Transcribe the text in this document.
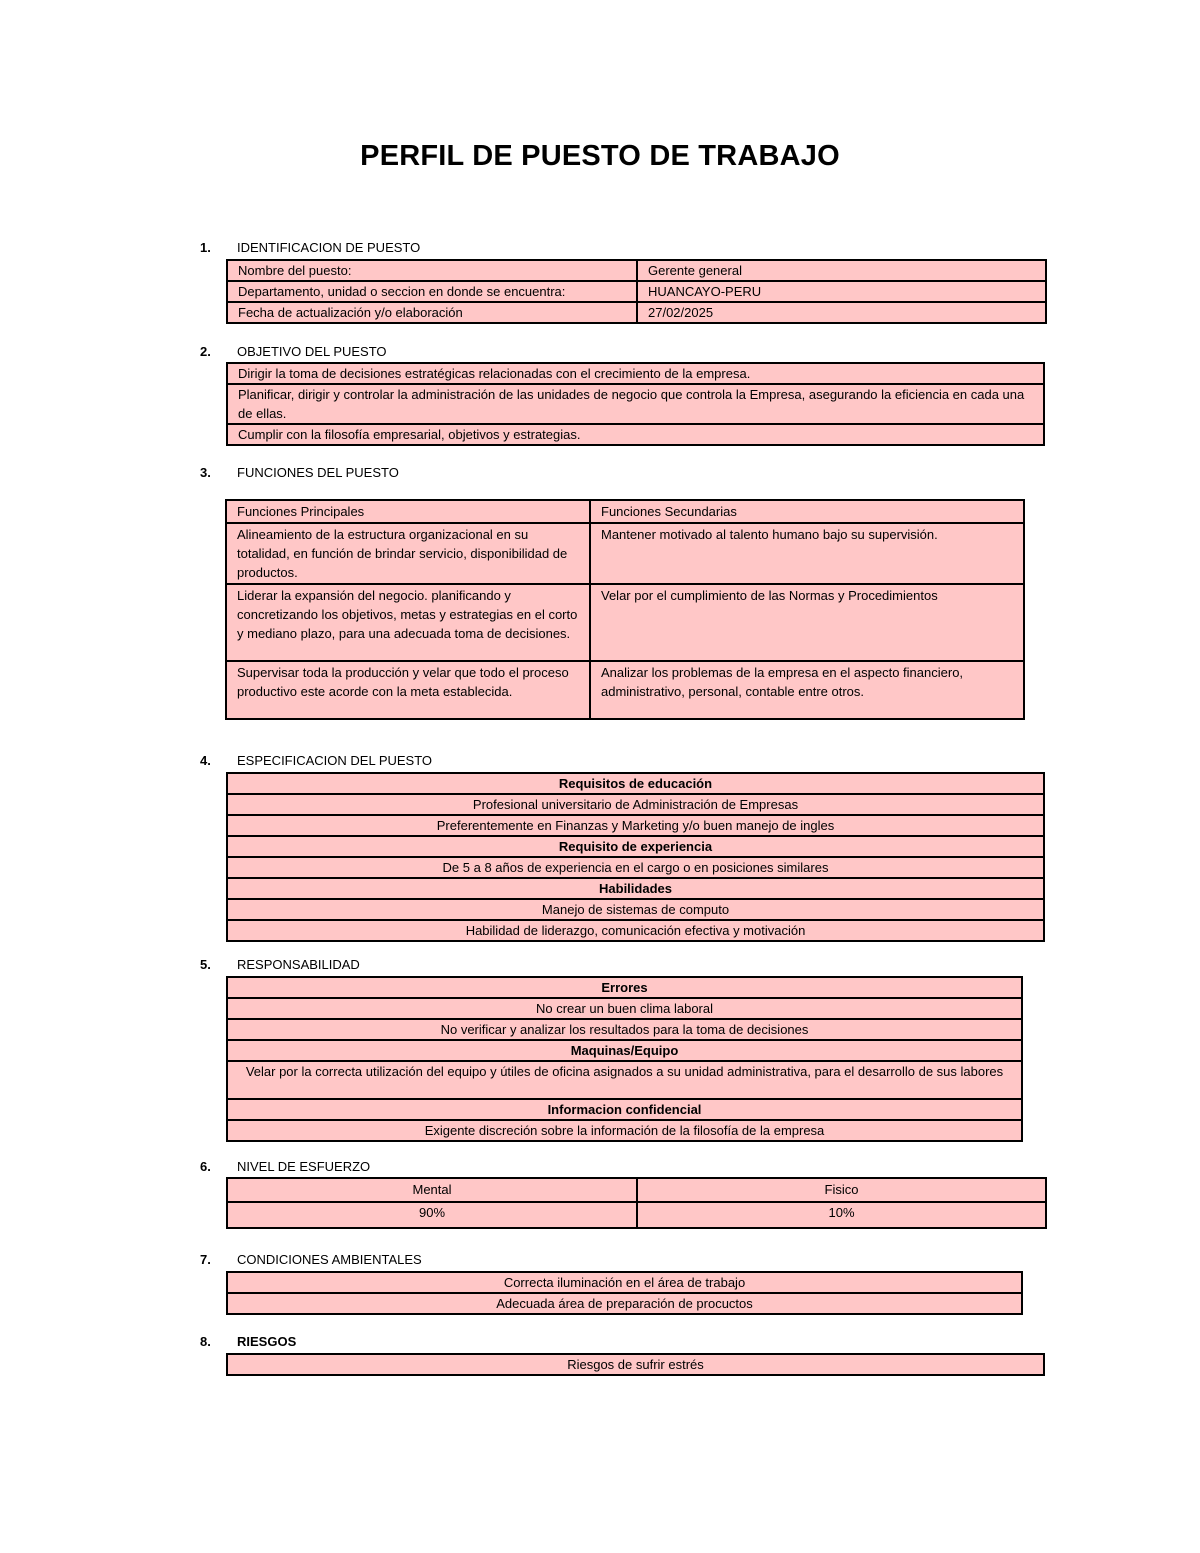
PERFIL DE PUESTO DE TRABAJO
1. IDENTIFICACION DE PUESTO
Nombre del puesto:	Gerente general
Departamento, unidad o seccion en donde se encuentra:	HUANCAYO-PERU
Fecha de actualización y/o elaboración	27/02/2025
2. OBJETIVO DEL PUESTO
Dirigir la toma de decisiones estratégicas relacionadas con el crecimiento de la empresa.
Planificar, dirigir y controlar la administración de las unidades de negocio que controla la Empresa, asegurando la eficiencia en cada una de ellas.
Cumplir con la filosofía empresarial, objetivos y estrategias.
3. FUNCIONES DEL PUESTO
Funciones Principales	Funciones Secundarias
Alineamiento de la estructura organizacional en su totalidad, en función de brindar servicio, disponibilidad de productos.	Mantener motivado al talento humano bajo su supervisión.
Liderar la expansión del negocio. planificando y concretizando los objetivos, metas y estrategias en el corto y mediano plazo, para una adecuada toma de decisiones.	Velar por el cumplimiento de las Normas y Procedimientos
Supervisar toda la producción y velar que todo el proceso productivo este acorde con la meta establecida.	Analizar los problemas de la empresa en el aspecto financiero, administrativo, personal, contable entre otros.
4. ESPECIFICACION DEL PUESTO
Requisitos de educación
Profesional universitario de Administración de Empresas
Preferentemente en Finanzas y Marketing y/o buen manejo de ingles
Requisito de experiencia
De 5 a 8 años de experiencia en el cargo o en posiciones similares
Habilidades
Manejo de sistemas de computo
Habilidad de liderazgo, comunicación efectiva y motivación
5. RESPONSABILIDAD
Errores
No crear un buen clima laboral
No verificar y analizar los resultados para la toma de decisiones
Maquinas/Equipo
Velar por la correcta utilización del equipo y útiles de oficina asignados a su unidad administrativa, para el desarrollo de sus labores
Informacion confidencial
Exigente discreción sobre la información de la filosofía de la empresa
6. NIVEL DE ESFUERZO
Mental	Fisico
90%	10%
7. CONDICIONES AMBIENTALES
Correcta iluminación en el área de trabajo
Adecuada área de preparación de procuctos
8. RIESGOS
Riesgos de sufrir estrés
